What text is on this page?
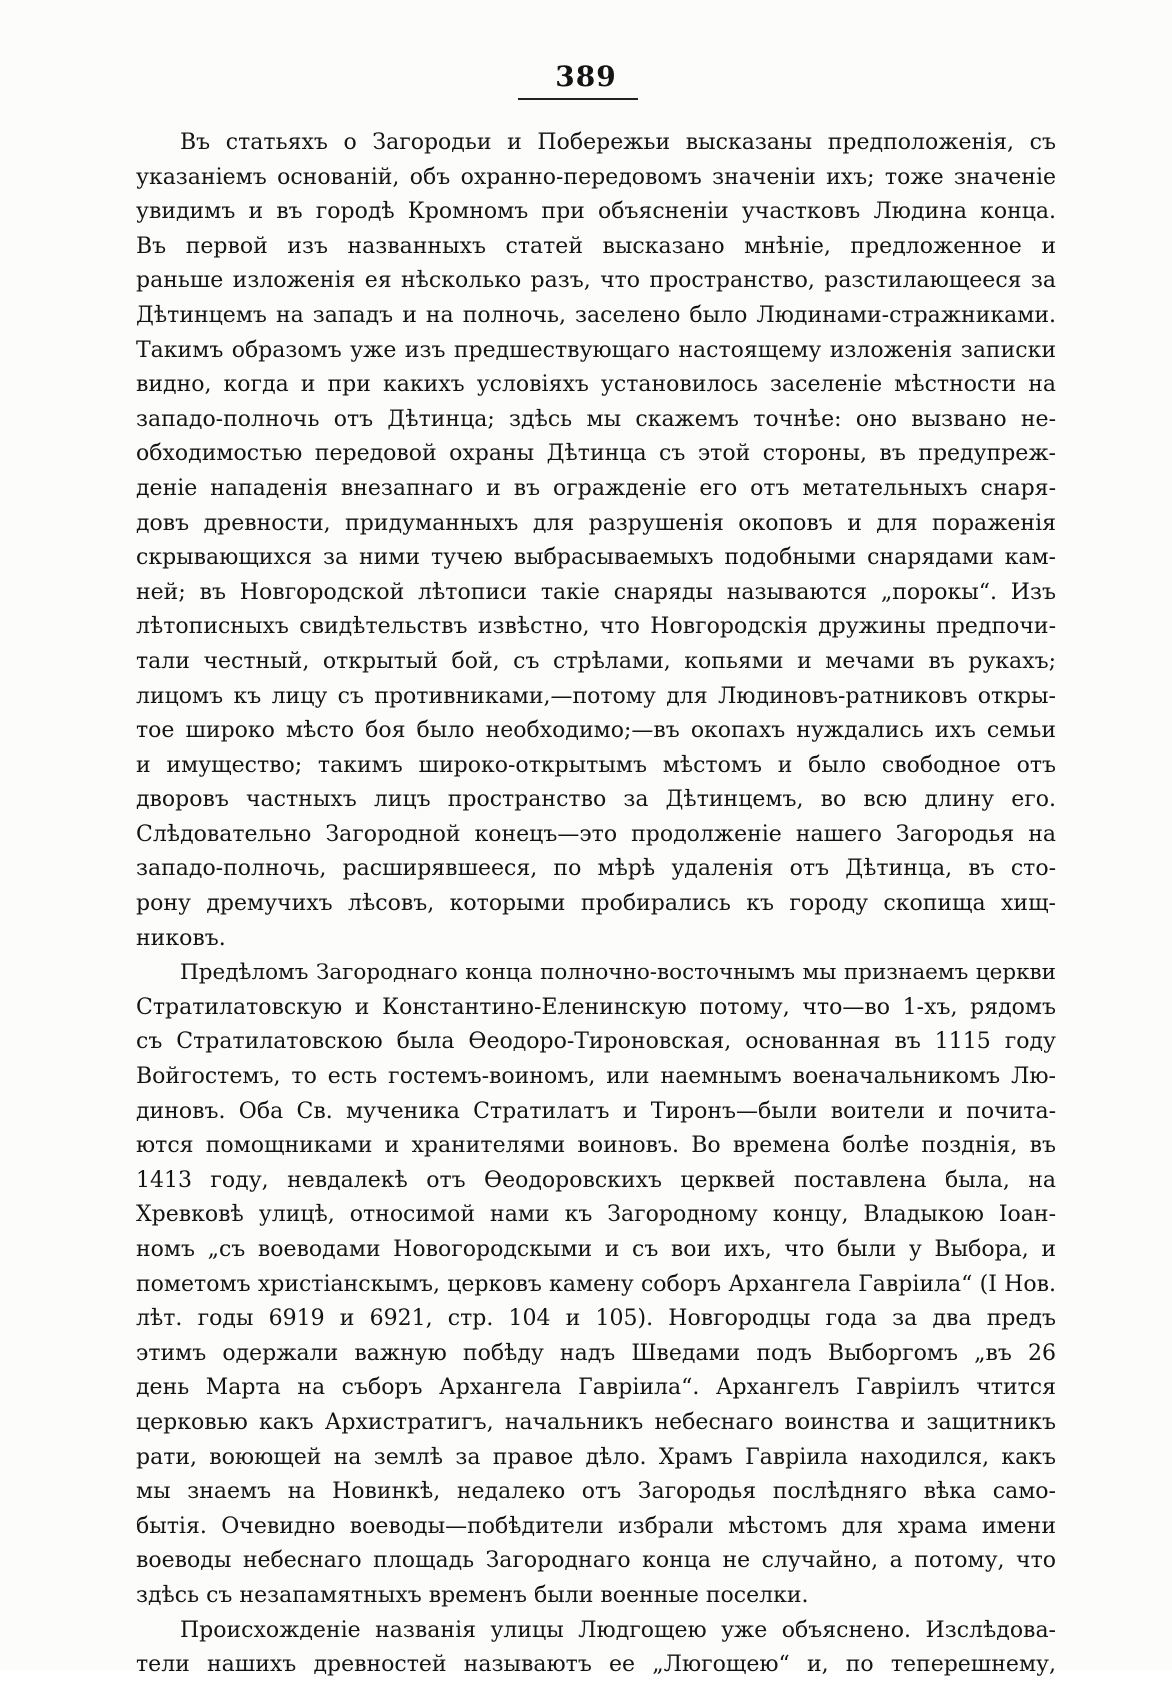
389
Въ статьяхъ о Загородьи и Побережьи высказаны предположенія, съ
указаніемъ основаній, объ охранно-передовомъ значеніи ихъ; тоже значеніе
увидимъ и въ городѣ Кромномъ при объясненіи участковъ Людина конца.
Въ первой изъ названныхъ статей высказано мнѣніе, предложенное и
раньше изложенія ея нѣсколько разъ, что пространство, разстилающееся за
Дѣтинцемъ на западъ и на полночь, заселено было Людинами-стражниками.
Такимъ образомъ уже изъ предшествующаго настоящему изложенія записки
видно, когда и при какихъ условіяхъ установилось заселеніе мѣстности на
западо-полночь отъ Дѣтинца; здѣсь мы скажемъ точнѣе: оно вызвано не-
обходимостью передовой охраны Дѣтинца съ этой стороны, въ предупреж-
деніе нападенія внезапнаго и въ огражденіе его отъ метательныхъ снаря-
довъ древности, придуманныхъ для разрушенія окоповъ и для пораженія
скрывающихся за ними тучею выбрасываемыхъ подобными снарядами кам-
ней; въ Новгородской лѣтописи такіе снаряды называются „порокы“. Изъ
лѣтописныхъ свидѣтельствъ извѣстно, что Новгородскія дружины предпочи-
тали честный, открытый бой, съ стрѣлами, копьями и мечами въ рукахъ;
лицомъ къ лицу съ противниками,—потому для Людиновъ-ратниковъ откры-
тое широко мѣсто боя было необходимо;—въ окопахъ нуждались ихъ семьи
и имущество; такимъ широко-открытымъ мѣстомъ и было свободное отъ
дворовъ частныхъ лицъ пространство за Дѣтинцемъ, во всю длину его.
Слѣдовательно Загородной конецъ—это продолженіе нашего Загородья на
западо-полночь, расширявшееся, по мѣрѣ удаленія отъ Дѣтинца, въ сто-
рону дремучихъ лѣсовъ, которыми пробирались къ городу скопища хищ-
никовъ.
Предѣломъ Загороднаго конца полночно-восточнымъ мы признаемъ церкви
Стратилатовскую и Константино-Еленинскую потому, что—во 1-хъ, рядомъ
съ Стратилатовскою была Ѳеодоро-Тироновская, основанная въ 1115 году
Войгостемъ, то есть гостемъ-воиномъ, или наемнымъ военачальникомъ Лю-
диновъ. Оба Св. мученика Стратилатъ и Тиронъ—были воители и почита-
ются помощниками и хранителями воиновъ. Во времена болѣе позднія, въ
1413 году, невдалекѣ отъ Ѳеодоровскихъ церквей поставлена была, на
Хревковѣ улицѣ, относимой нами къ Загородному концу, Владыкою Іоан-
номъ „съ воеводами Новогородскыми и съ вои ихъ, что были у Выбора, и
пометомъ христіанскымъ, церковъ камену соборъ Архангела Гаврiила“ (I Нов.
лѣт. годы 6919 и 6921, стр. 104 и 105). Новгородцы года за два предъ
этимъ одержали важную побѣду надъ Шведами подъ Выборгомъ „въ 26
день Марта на съборъ Архангела Гаврiила“. Архангелъ Гаврiилъ чтится
церковью какъ Архистратигъ, начальникъ небеснаго воинства и защитникъ
рати, воюющей на землѣ за правое дѣло. Храмъ Гаврiила находился, какъ
мы знаемъ на Новинкѣ, недалеко отъ Загородья послѣдняго вѣка само-
бытія. Очевидно воеводы—побѣдители избрали мѣстомъ для храма имени
воеводы небеснаго площадь Загороднаго конца не случайно, а потому, что
здѣсь съ незапамятныхъ временъ были военные поселки.
Происхожденіе названія улицы Людгощею уже объяснено. Изслѣдова-
тели нашихъ древностей называютъ ее „Люгощею“ и, по теперешнему,
